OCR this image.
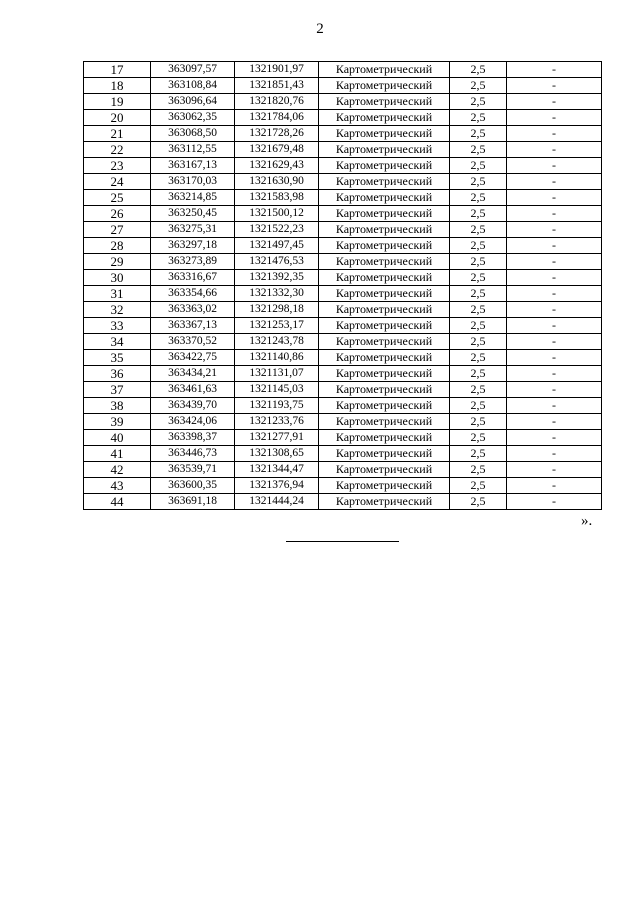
2
17	363097,57	1321901,97	Картометрический	2,5	-
18	363108,84	1321851,43	Картометрический	2,5	-
19	363096,64	1321820,76	Картометрический	2,5	-
20	363062,35	1321784,06	Картометрический	2,5	-
21	363068,50	1321728,26	Картометрический	2,5	-
22	363112,55	1321679,48	Картометрический	2,5	-
23	363167,13	1321629,43	Картометрический	2,5	-
24	363170,03	1321630,90	Картометрический	2,5	-
25	363214,85	1321583,98	Картометрический	2,5	-
26	363250,45	1321500,12	Картометрический	2,5	-
27	363275,31	1321522,23	Картометрический	2,5	-
28	363297,18	1321497,45	Картометрический	2,5	-
29	363273,89	1321476,53	Картометрический	2,5	-
30	363316,67	1321392,35	Картометрический	2,5	-
31	363354,66	1321332,30	Картометрический	2,5	-
32	363363,02	1321298,18	Картометрический	2,5	-
33	363367,13	1321253,17	Картометрический	2,5	-
34	363370,52	1321243,78	Картометрический	2,5	-
35	363422,75	1321140,86	Картометрический	2,5	-
36	363434,21	1321131,07	Картометрический	2,5	-
37	363461,63	1321145,03	Картометрический	2,5	-
38	363439,70	1321193,75	Картометрический	2,5	-
39	363424,06	1321233,76	Картометрический	2,5	-
40	363398,37	1321277,91	Картометрический	2,5	-
41	363446,73	1321308,65	Картометрический	2,5	-
42	363539,71	1321344,47	Картометрический	2,5	-
43	363600,35	1321376,94	Картометрический	2,5	-
44	363691,18	1321444,24	Картометрический	2,5	-
».
